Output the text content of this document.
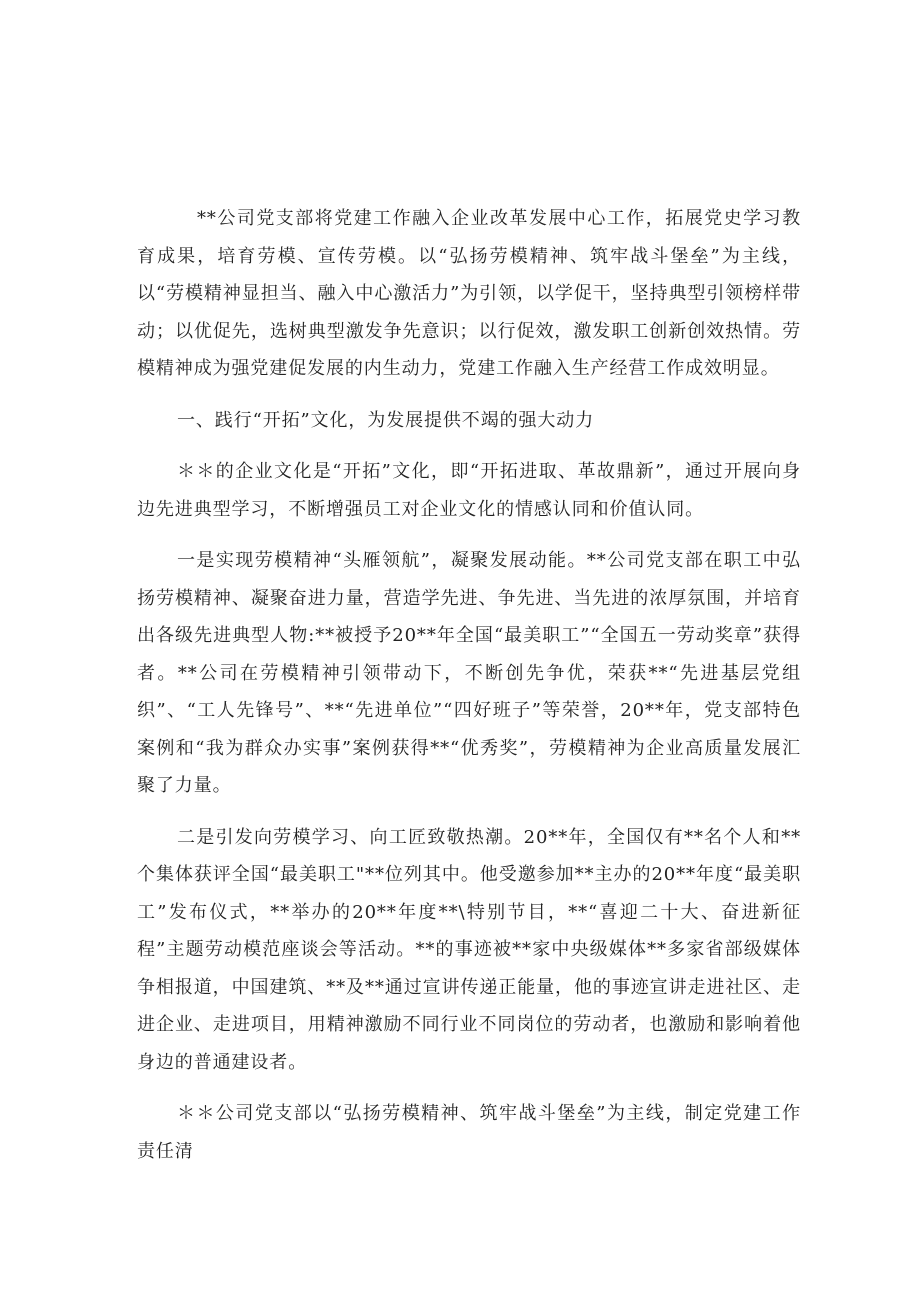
**公司党支部将党建工作融入企业改革发展中心工作，拓展党史学习教育成果，培育劳模、宣传劳模。以“弘扬劳模精神、筑牢战斗堡垒”为主线，以“劳模精神显担当、融入中心激活力”为引领，以学促干，坚持典型引领榜样带动；以优促先，选树典型激发争先意识；以行促效，激发职工创新创效热情。劳模精神成为强党建促发展的内生动力，党建工作融入生产经营工作成效明显。

一、践行“开拓”文化，为发展提供不竭的强大动力

＊＊的企业文化是“开拓”文化，即“开拓进取、革故鼎新”，通过开展向身边先进典型学习，不断增强员工对企业文化的情感认同和价值认同。

一是实现劳模精神“头雁领航”，凝聚发展动能。**公司党支部在职工中弘扬劳模精神、凝聚奋进力量，营造学先进、争先进、当先进的浓厚氛围，并培育出各级先进典型人物:**被授予20**年全国“最美职工”“全国五一劳动奖章”获得者。**公司在劳模精神引领带动下，不断创先争优，荣获**“先进基层党组织”、“工人先锋号”、**“先进单位”“四好班子”等荣誉，20**年，党支部特色案例和“我为群众办实事”案例获得**“优秀奖”，劳模精神为企业高质量发展汇聚了力量。

二是引发向劳模学习、向工匠致敬热潮。20**年，全国仅有**名个人和**个集体获评全国“最美职工"**位列其中。他受邀参加**主办的20**年度“最美职工”发布仪式，**举办的20**年度**\特别节目，**“喜迎二十大、奋进新征程”主题劳动模范座谈会等活动。**的事迹被**家中央级媒体**多家省部级媒体争相报道，中国建筑、**及**通过宣讲传递正能量，他的事迹宣讲走进社区、走进企业、走进项目，用精神激励不同行业不同岗位的劳动者，也激励和影响着他身边的普通建设者。

＊＊公司党支部以“弘扬劳模精神、筑牢战斗堡垒”为主线，制定党建工作责任清
